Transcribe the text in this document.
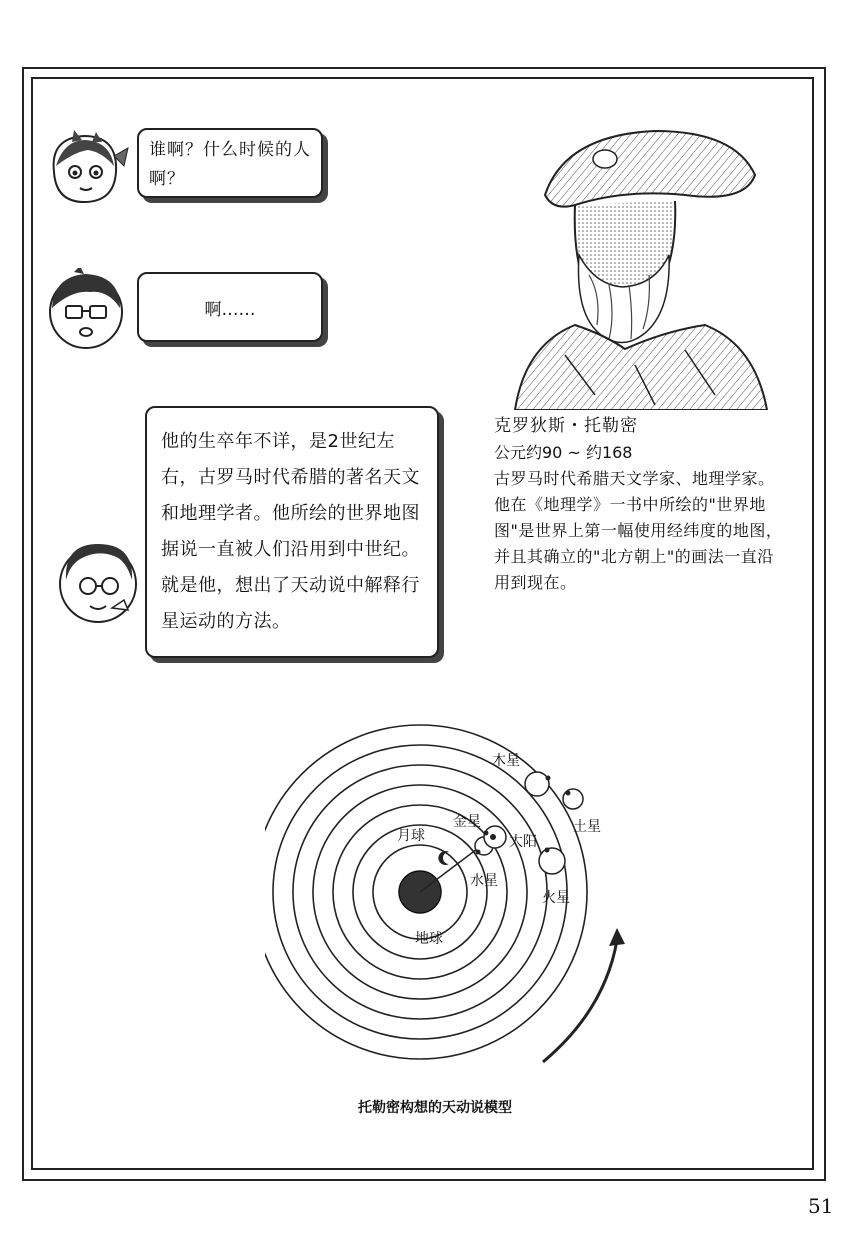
谁啊？什么时候的人啊？
啊……
他的生卒年不详，是2世纪左右，古罗马时代希腊的著名天文和地理学者。他所绘的世界地图据说一直被人们沿用到中世纪。就是他，想出了天动说中解释行星运动的方法。
克罗狄斯・托勒密
公元约90 ~ 约168
古罗马时代希腊天文学家、地理学家。他在《地理学》一书中所绘的"世界地图"是世界上第一幅使用经纬度的地图，并且其确立的"北方朝上"的画法一直沿用到现在。
地球
月球
水星
金星
太阳
火星
木星
土星
托勒密构想的天动说模型
51
